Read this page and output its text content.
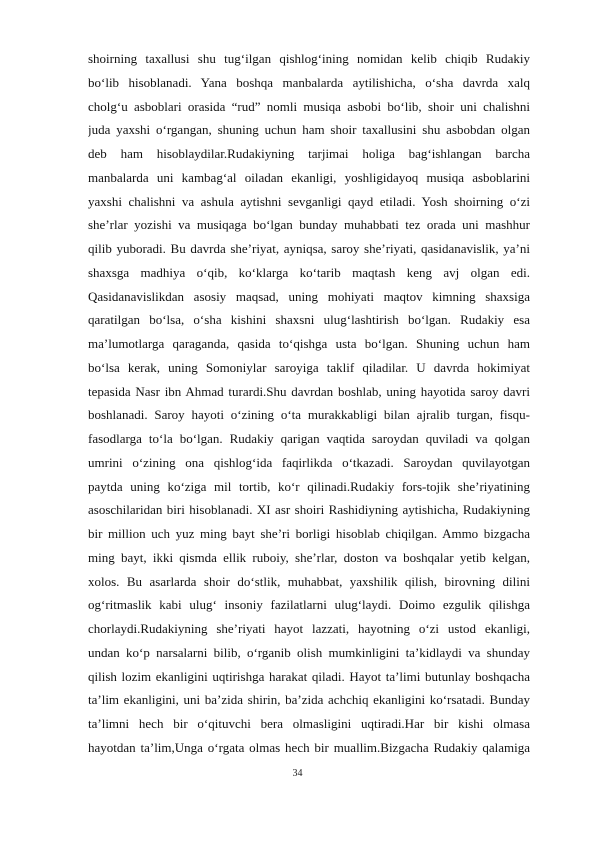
shoirning taxallusi shu tug‘ilgan qishlog‘ining nomidan kelib chiqib Rudakiy
bo‘lib hisoblanadi. Yana boshqa manbalarda aytilishicha, o‘sha davrda xalq
cholg‘u asboblari orasida “rud” nomli musiqa asbobi bo‘lib, shoir uni chalishni
juda yaxshi o‘rgangan, shuning uchun ham shoir taxallusini shu asbobdan olgan
deb ham hisoblaydilar.Rudakiyning tarjimai holiga bag‘ishlangan barcha
manbalarda uni kambag‘al oiladan ekanligi, yoshligidayoq musiqa asboblarini
yaxshi chalishni va ashula aytishni sevganligi qayd etiladi. Yosh shoirning o‘zi
she’rlar yozishi va musiqaga bo‘lgan bunday muhabbati tez orada uni mashhur
qilib yuboradi. Bu davrda she’riyat, ayniqsa, saroy she’riyati, qasidanavislik, ya’ni
shaxsga madhiya o‘qib, ko‘klarga ko‘tarib maqtash keng avj olgan edi.
Qasidanavislikdan asosiy maqsad, uning mohiyati maqtov kimning shaxsiga
qaratilgan bo‘lsa, o‘sha kishini shaxsni ulug‘lashtirish bo‘lgan. Rudakiy esa
ma’lumotlarga qaraganda, qasida to‘qishga usta bo‘lgan. Shuning uchun ham
bo‘lsa kerak, uning Somoniylar saroyiga taklif qiladilar. U davrda hokimiyat
tepasida Nasr ibn Ahmad turardi.Shu davrdan boshlab, uning hayotida saroy davri
boshlanadi. Saroy hayoti o‘zining o‘ta murakkabligi bilan ajralib turgan, fisqu-
fasodlarga to‘la bo‘lgan. Rudakiy qarigan vaqtida saroydan quviladi va qolgan
umrini o‘zining ona qishlog‘ida faqirlikda o‘tkazadi. Saroydan quvilayotgan
paytda uning ko‘ziga mil tortib, ko‘r qilinadi.Rudakiy fors-tojik she’riyatining
asoschilaridan biri hisoblanadi. XI asr shoiri Rashidiyning aytishicha, Rudakiyning
bir million uch yuz ming bayt she’ri borligi hisoblab chiqilgan. Ammo bizgacha
ming bayt, ikki qismda ellik ruboiy, she’rlar, doston va boshqalar yetib kelgan,
xolos. Bu asarlarda shoir do‘stlik, muhabbat, yaxshilik qilish, birovning dilini
og‘ritmaslik kabi ulug‘ insoniy fazilatlarni ulug‘laydi. Doimo ezgulik qilishga
chorlaydi.Rudakiyning she’riyati hayot lazzati, hayotning o‘zi ustod ekanligi,
undan ko‘p narsalarni bilib, o‘rganib olish mumkinligini ta’kidlaydi va shunday
qilish lozim ekanligini uqtirishga harakat qiladi. Hayot ta’limi butunlay boshqacha
ta’lim ekanligini, uni ba’zida shirin, ba’zida achchiq ekanligini ko‘rsatadi. Bunday
ta’limni hech bir o‘qituvchi bera olmasligini uqtiradi.Har bir kishi olmasa
hayotdan ta’lim,Unga o‘rgata olmas hech bir muallim.Bizgacha Rudakiy qalamiga
34
